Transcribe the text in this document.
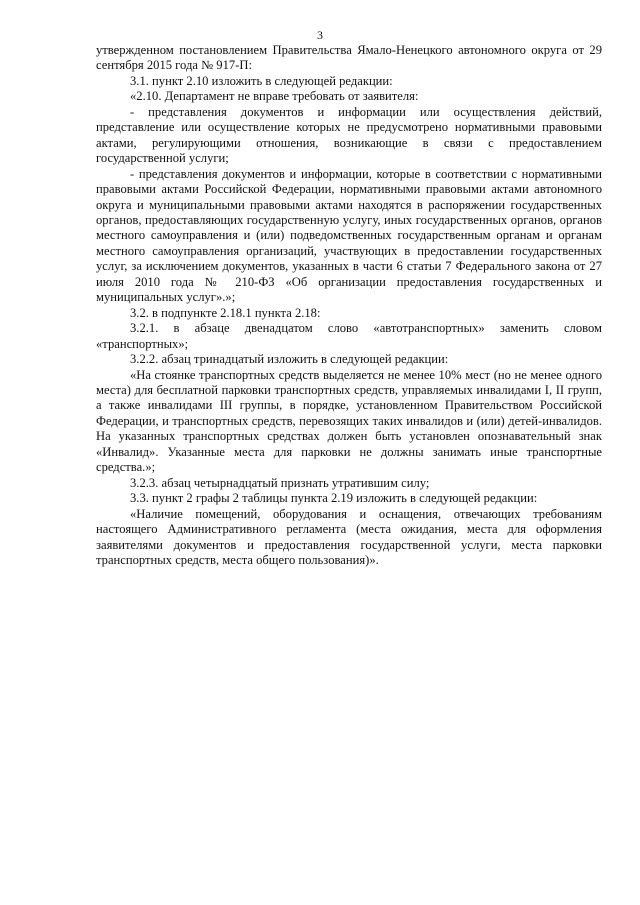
3

утвержденном постановлением Правительства Ямало-Ненецкого автономного округа от 29 сентября 2015 года № 917-П:

3.1. пункт 2.10 изложить в следующей редакции:

«2.10. Департамент не вправе требовать от заявителя:

- представления документов и информации или осуществления действий, представление или осуществление которых не предусмотрено нормативными правовыми актами, регулирующими отношения, возникающие в связи с предоставлением государственной услуги;

- представления документов и информации, которые в соответствии с нормативными правовыми актами Российской Федерации, нормативными правовыми актами автономного округа и муниципальными правовыми актами находятся в распоряжении государственных органов, предоставляющих государственную услугу, иных государственных органов, органов местного самоуправления и (или) подведомственных государственным органам и органам местного самоуправления организаций, участвующих в предоставлении государственных услуг, за исключением документов, указанных в части 6 статьи 7 Федерального закона от 27 июля 2010 года № 210-ФЗ «Об организации предоставления государственных и муниципальных услуг».»;

3.2. в подпункте 2.18.1 пункта 2.18:

3.2.1. в абзаце двенадцатом слово «автотранспортных» заменить словом «транспортных»;

3.2.2. абзац тринадцатый изложить в следующей редакции:

«На стоянке транспортных средств выделяется не менее 10% мест (но не менее одного места) для бесплатной парковки транспортных средств, управляемых инвалидами I, II групп, а также инвалидами III группы, в порядке, установленном Правительством Российской Федерации, и транспортных средств, перевозящих таких инвалидов и (или) детей-инвалидов. На указанных транспортных средствах должен быть установлен опознавательный знак «Инвалид». Указанные места для парковки не должны занимать иные транспортные средства.»;

3.2.3. абзац четырнадцатый признать утратившим силу;

3.3. пункт 2 графы 2 таблицы пункта 2.19 изложить в следующей редакции:

«Наличие помещений, оборудования и оснащения, отвечающих требованиям настоящего Административного регламента (места ожидания, места для оформления заявителями документов и предоставления государственной услуги, места парковки транспортных средств, места общего пользования)».
